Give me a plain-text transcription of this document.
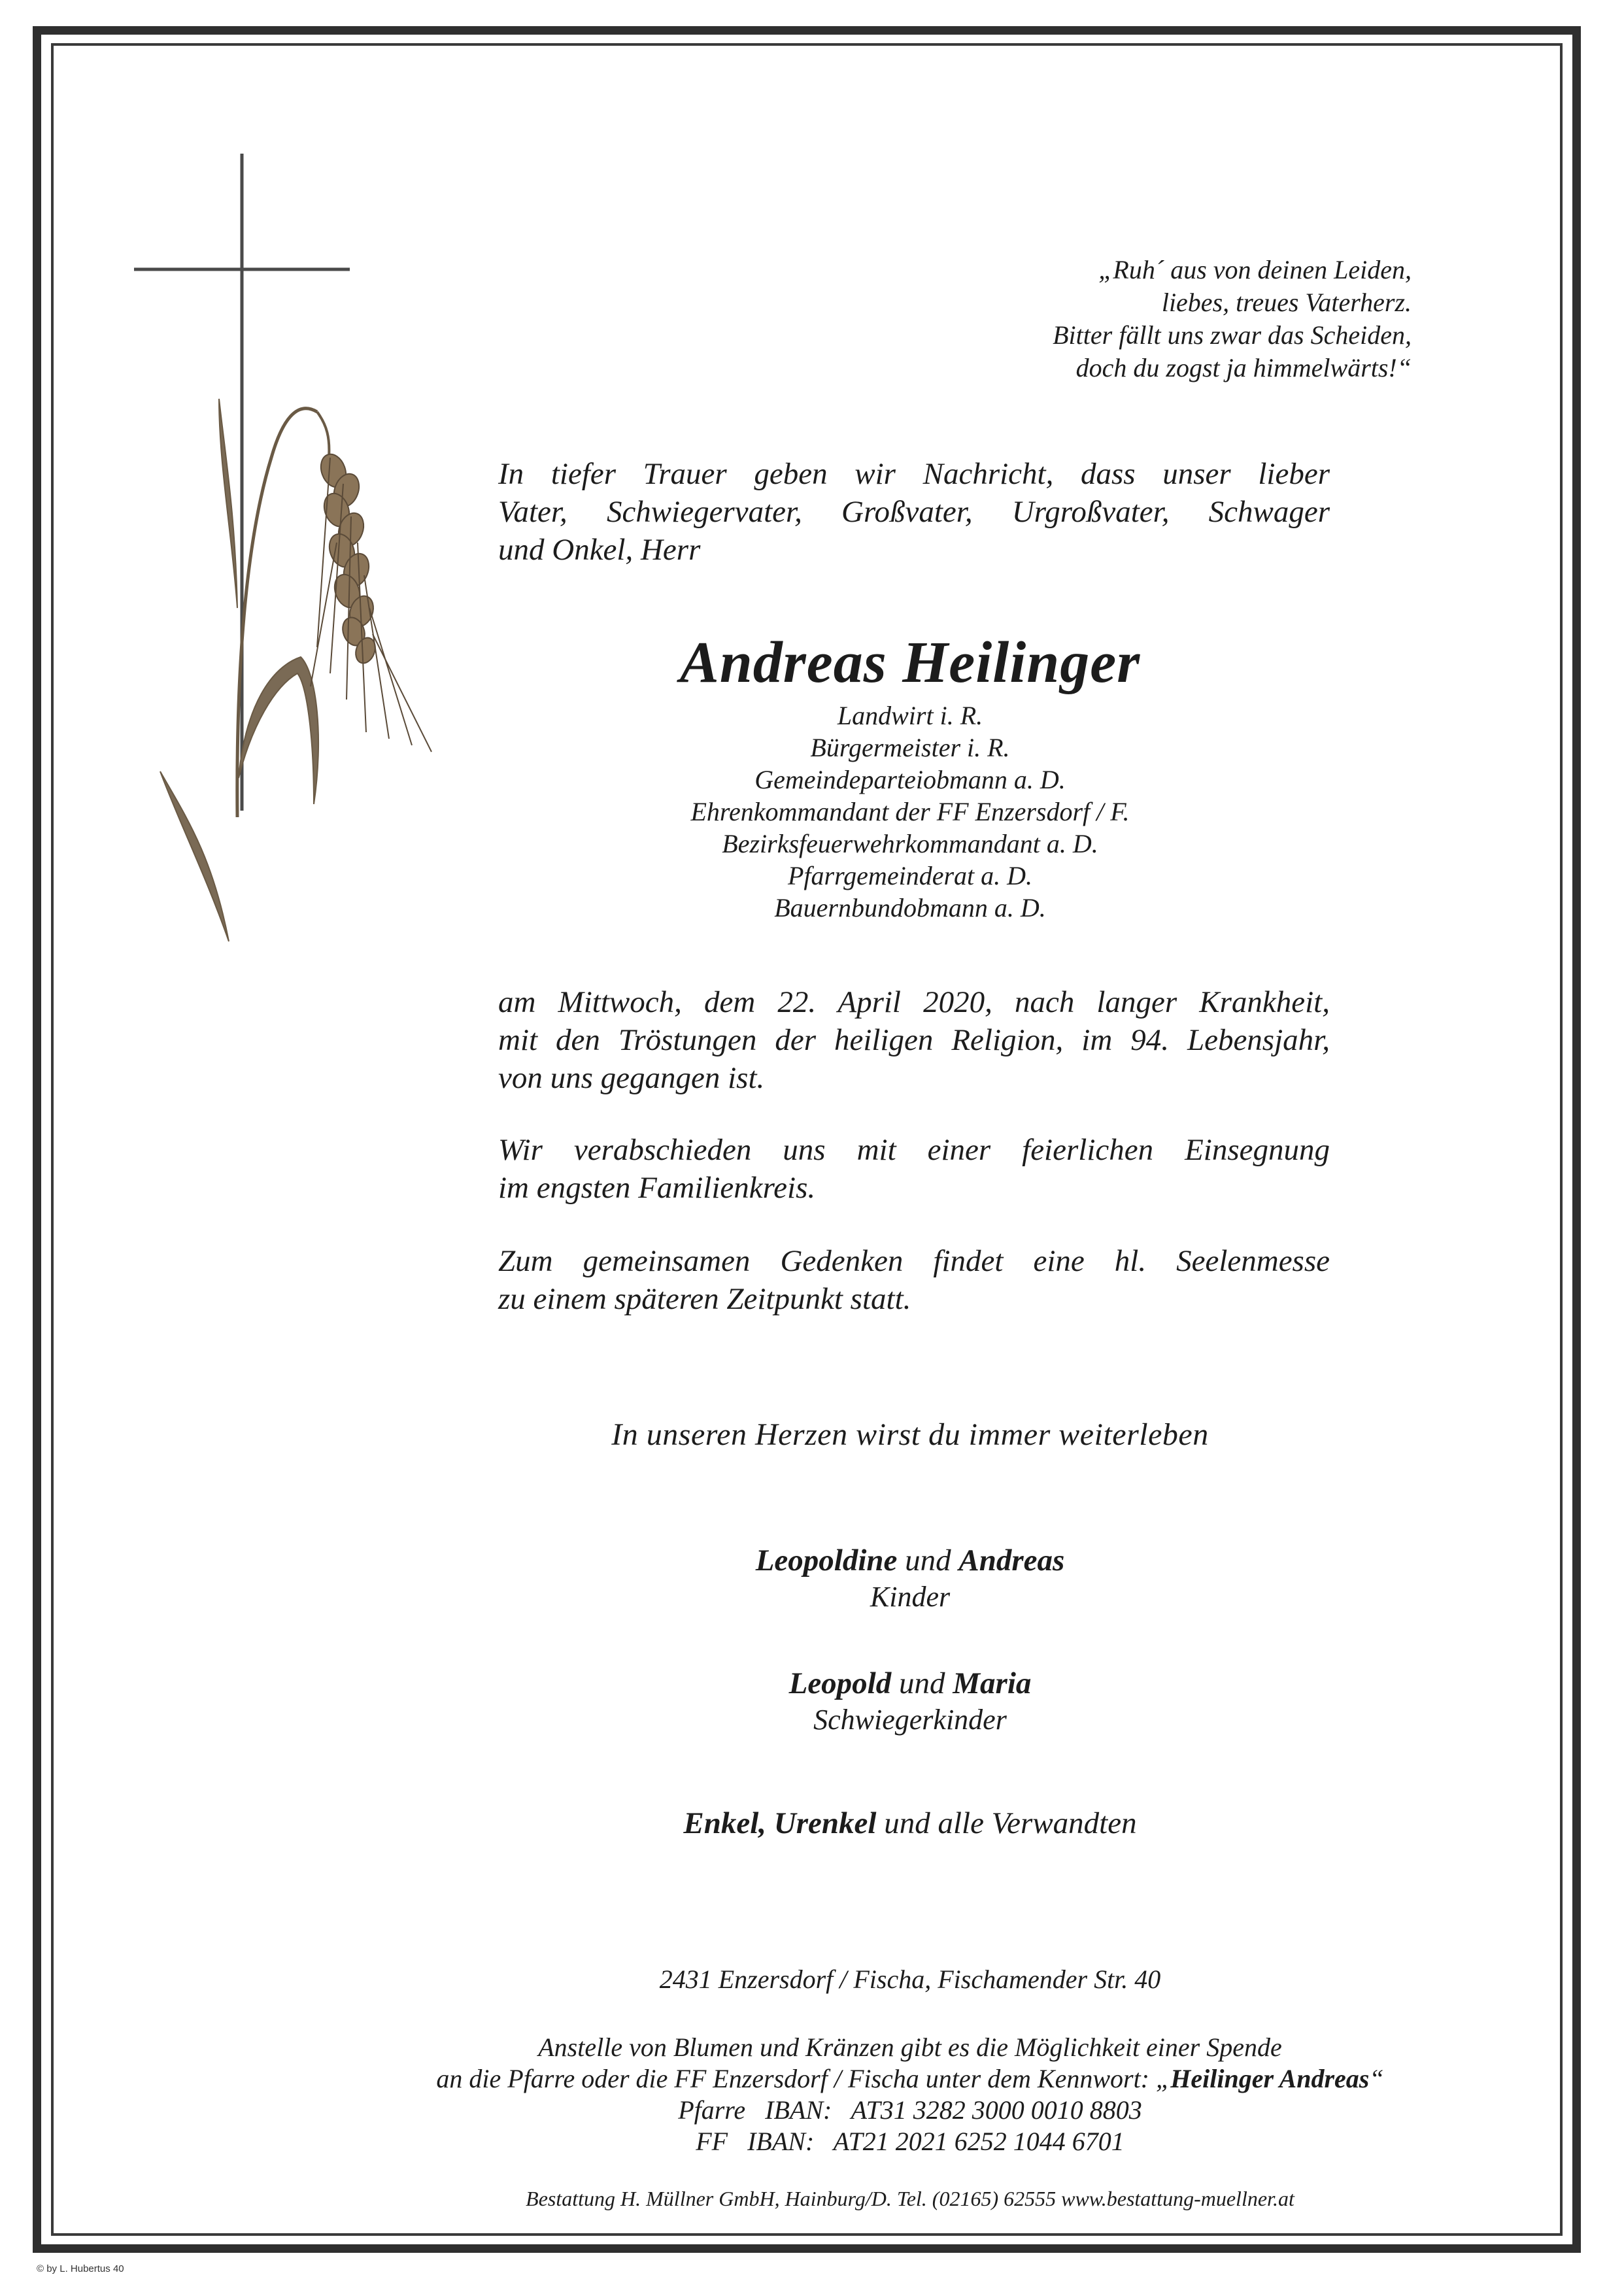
„Ruh´ aus von deinen Leiden,
liebes, treues Vaterherz.
Bitter fällt uns zwar das Scheiden,
doch du zogst ja himmelwärts!“
In tiefer Trauer geben wir Nachricht, dass unser lieber
Vater, Schwiegervater, Großvater, Urgroßvater, Schwager
und Onkel, Herr
Andreas Heilinger
Landwirt i. R.
Bürgermeister i. R.
Gemeindeparteiobmann a. D.
Ehrenkommandant der FF Enzersdorf / F.
Bezirksfeuerwehrkommandant a. D.
Pfarrgemeinderat a. D.
Bauernbundobmann a. D.
am Mittwoch, dem 22. April 2020, nach langer Krankheit,
mit den Tröstungen der heiligen Religion, im 94. Lebensjahr,
von uns gegangen ist.
Wir verabschieden uns mit einer feierlichen Einsegnung
im engsten Familienkreis.
Zum gemeinsamen Gedenken findet eine hl. Seelenmesse
zu einem späteren Zeitpunkt statt.
In unseren Herzen wirst du immer weiterleben
Leopoldine und Andreas
Kinder
Leopold und Maria
Schwiegerkinder
Enkel, Urenkel und alle Verwandten
2431 Enzersdorf / Fischa, Fischamender Str. 40
Anstelle von Blumen und Kränzen gibt es die Möglichkeit einer Spende
an die Pfarre oder die FF Enzersdorf / Fischa unter dem Kennwort: „Heilinger Andreas“
Pfarre IBAN: AT31 3282 3000 0010 8803
FF IBAN: AT21 2021 6252 1044 6701
Bestattung H. Müllner GmbH, Hainburg/D. Tel. (02165) 62555 www.bestattung-muellner.at
© by L. Hubertus 40
